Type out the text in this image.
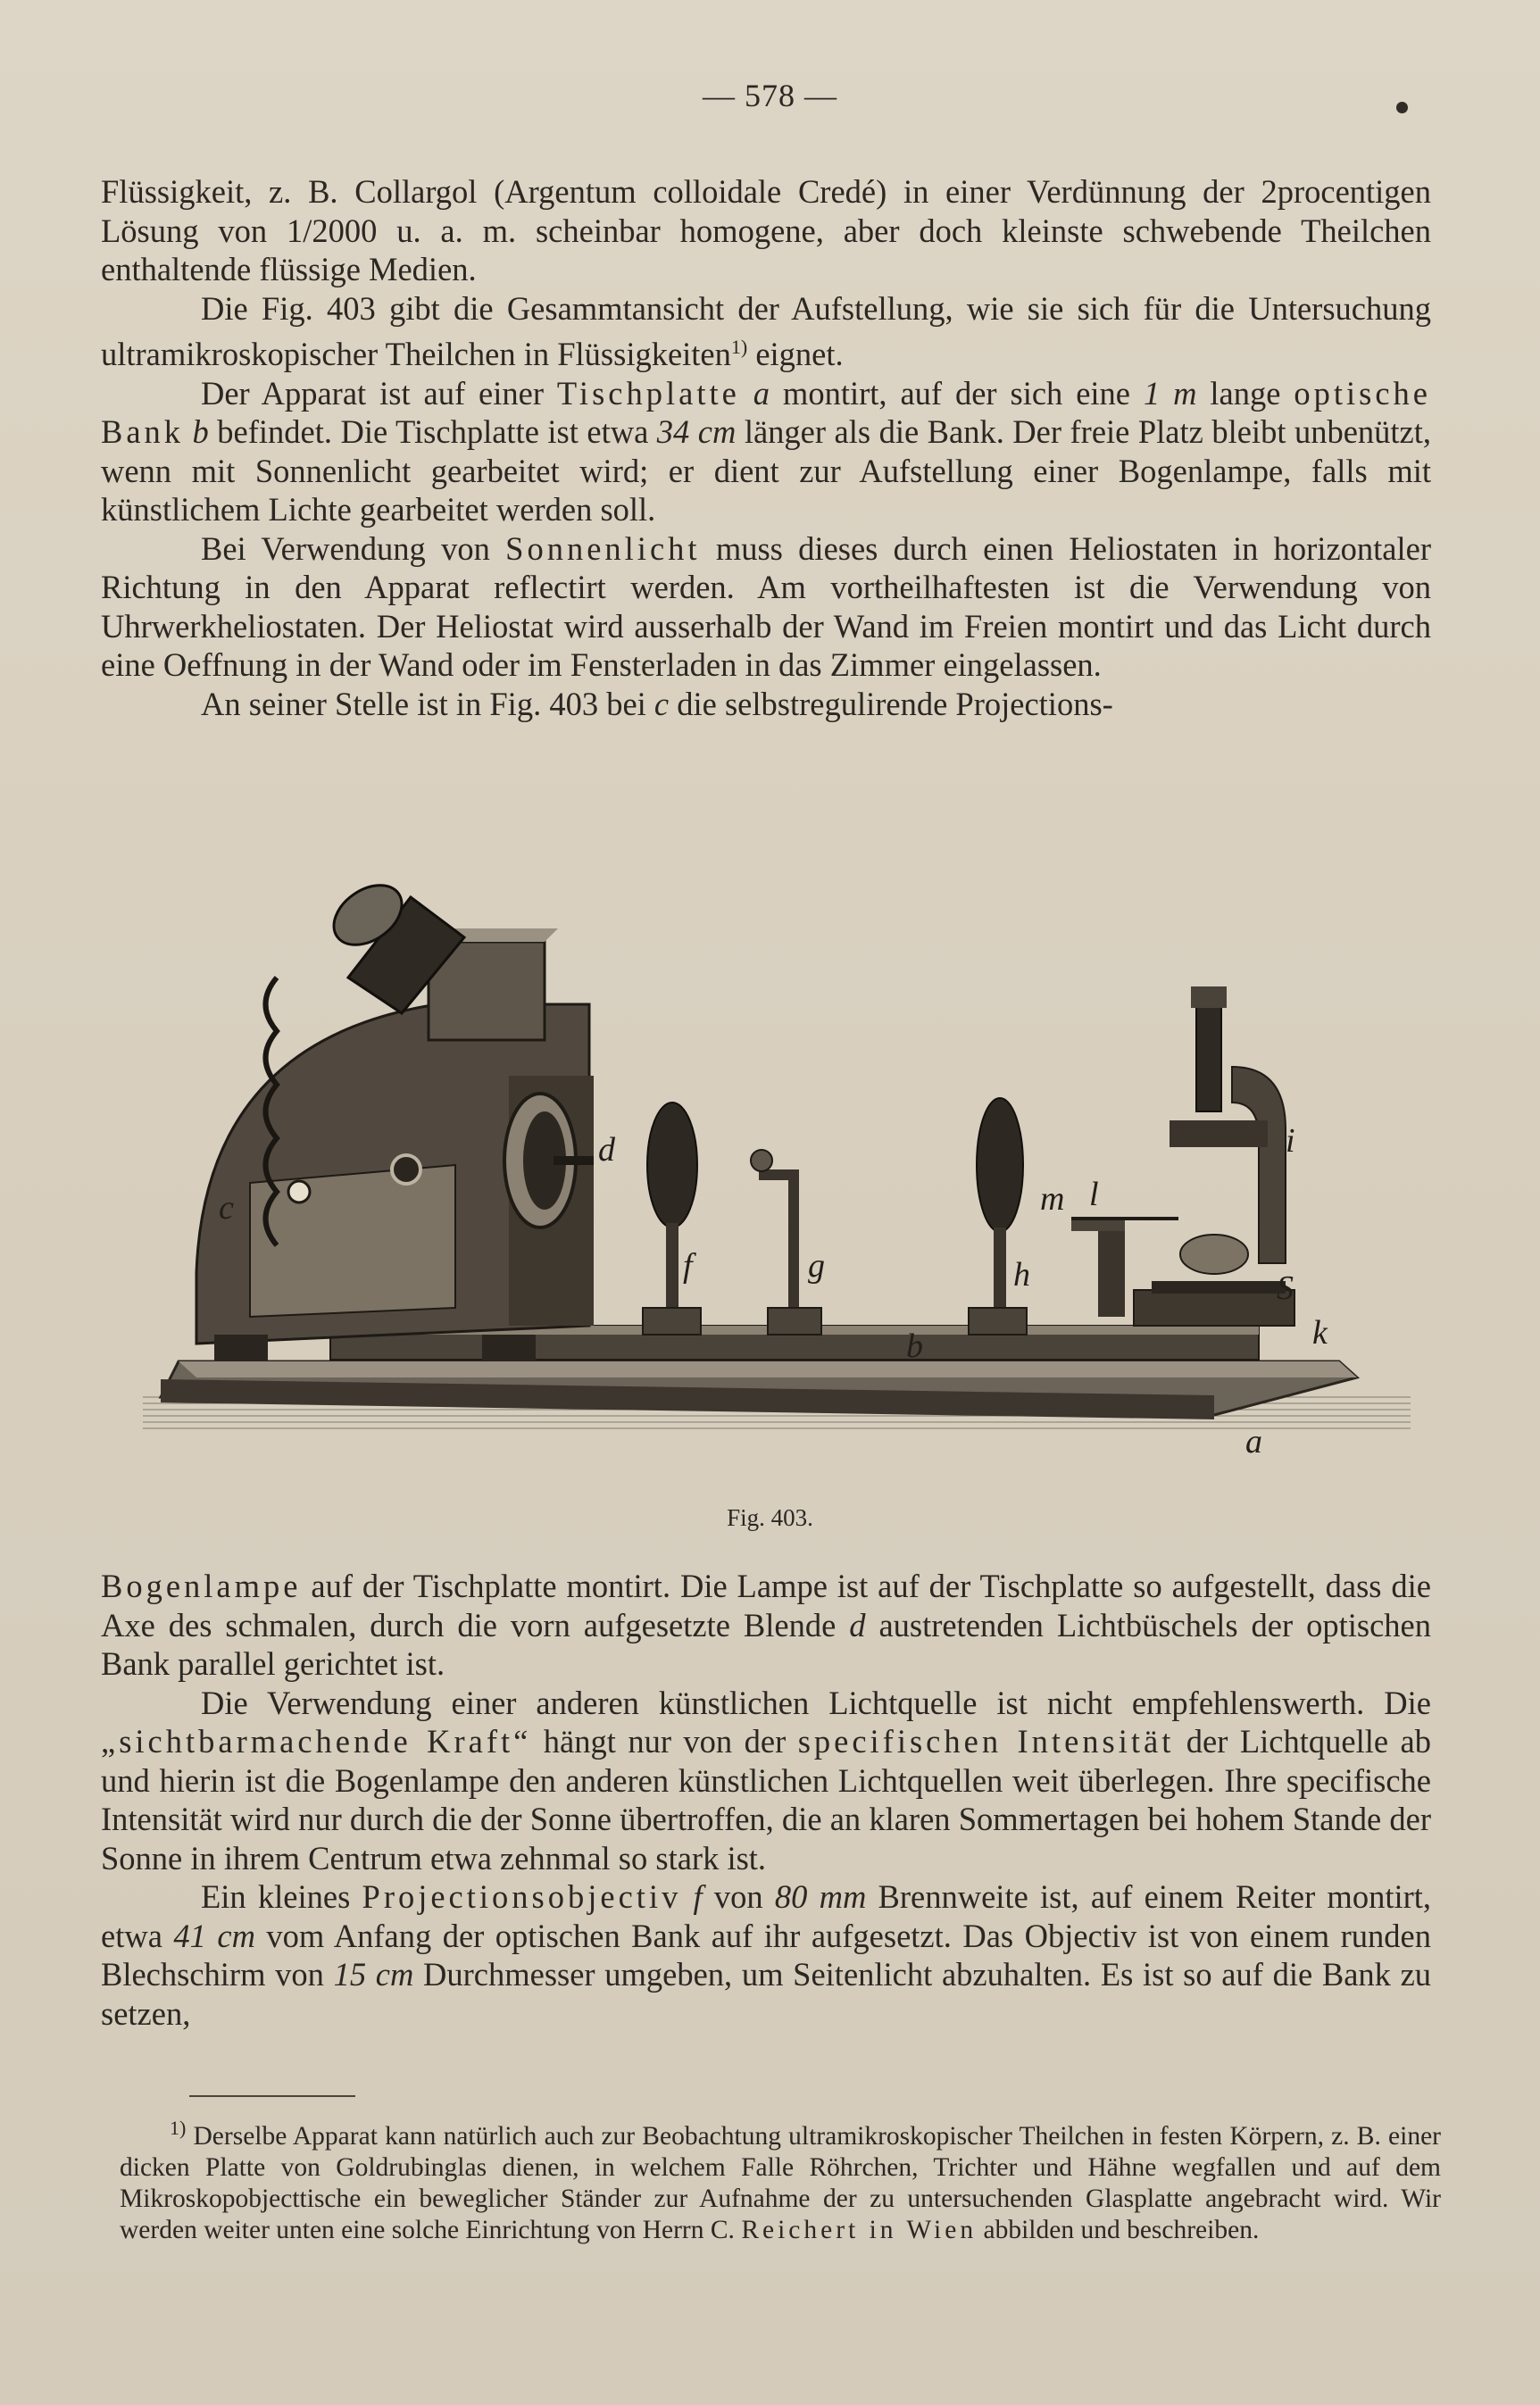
— 578 —

Flüssigkeit, z. B. Collargol (Argentum colloidale Credé) in einer Verdünnung der 2procentigen Lösung von 1/2000 u. a. m. scheinbar homogene, aber doch kleinste schwebende Theilchen enthaltende flüssige Medien.

Die Fig. 403 gibt die Gesammtansicht der Aufstellung, wie sie sich für die Untersuchung ultramikroskopischer Theilchen in Flüssigkeiten$^{1)}$ eignet.

Der Apparat ist auf einer Tischplatte a montirt, auf der sich eine 1 m lange optische Bank b befindet. Die Tischplatte ist etwa 34 cm länger als die Bank. Der freie Platz bleibt unbenützt, wenn mit Sonnenlicht gearbeitet wird; er dient zur Aufstellung einer Bogenlampe, falls mit künstlichem Lichte gearbeitet werden soll.

Bei Verwendung von Sonnenlicht muss dieses durch einen Heliostaten in horizontaler Richtung in den Apparat reflectirt werden. Am vortheilhaftesten ist die Verwendung von Uhrwerkheliostaten. Der Heliostat wird ausserhalb der Wand im Freien montirt und das Licht durch eine Oeffnung in der Wand oder im Fensterladen in das Zimmer eingelassen.

An seiner Stelle ist in Fig. 403 bei c die selbstregulirende Projections-

c
d
f	g
b
h
m l
i
S
k
a
Fig. 403.

Bogenlampe auf der Tischplatte montirt. Die Lampe ist auf der Tischplatte so aufgestellt, dass die Axe des schmalen, durch die vorn aufgesetzte Blende d austretenden Lichtbüschels der optischen Bank parallel gerichtet ist.

Die Verwendung einer anderen künstlichen Lichtquelle ist nicht empfehlenswerth. Die „sichtbarmachende Kraft“ hängt nur von der specifischen Intensität der Lichtquelle ab und hierin ist die Bogenlampe den anderen künstlichen Lichtquellen weit überlegen. Ihre specifische Intensität wird nur durch die der Sonne übertroffen, die an klaren Sommertagen bei hohem Stande der Sonne in ihrem Centrum etwa zehnmal so stark ist.

Ein kleines Projectionsobjectiv f von 80 mm Brennweite ist, auf einem Reiter montirt, etwa 41 cm vom Anfang der optischen Bank auf ihr aufgesetzt. Das Objectiv ist von einem runden Blechschirm von 15 cm Durchmesser umgeben, um Seitenlicht abzuhalten. Es ist so auf die Bank zu setzen,

$^{1)}$ Derselbe Apparat kann natürlich auch zur Beobachtung ultramikroskopischer Theilchen in festen Körpern, z. B. einer dicken Platte von Goldrubinglas dienen, in welchem Falle Röhrchen, Trichter und Hähne wegfallen und auf dem Mikroskopobjecttische ein beweglicher Ständer zur Aufnahme der zu untersuchenden Glasplatte angebracht wird. Wir werden weiter unten eine solche Einrichtung von Herrn C. Reichert in Wien abbilden und beschreiben.
